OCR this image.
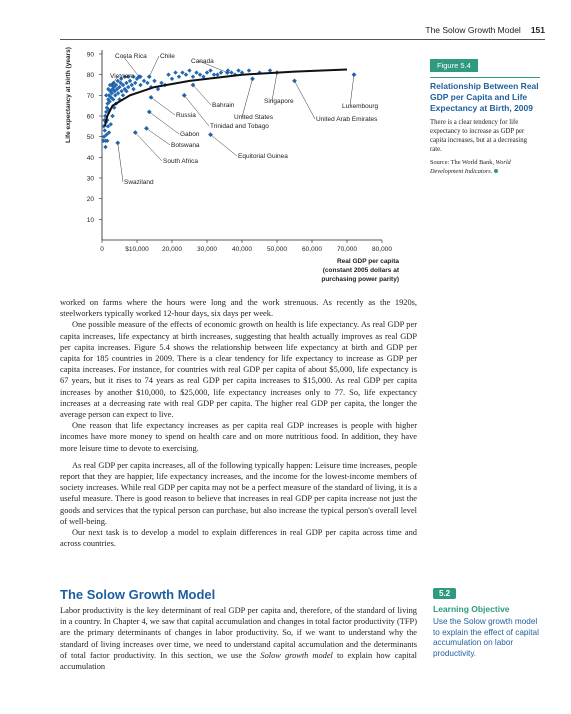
The Solow Growth Model 151
0	$10,000 20,000 30,000 40,000 50,000 60,000 70,000 80,000
10
20
30
40
50
60
70
80
90
Life expectancy at birth (years)
Real GDP per capita
(constant 2005 dollars at
purchasing power parity)
Costa Rica Chile
Canada
Vietnam
Bahrain
Singapore
Luxembourg
Russia	United States	United Arab Emirates
Trinidad and Tobago
Gabon
Botswana
Equitorial Guinea
South Africa
Swaziland
Figure 5.4
Relationship Between Real GDP per Capita and Life Expectancy at Birth, 2009
There is a clear tendency for life expectancy to increase as GDP per capita increases, but at a decreasing rate.
Source: The World Bank, World Development Indicators.

worked on farms where the hours were long and the work strenuous. As recently as the 1920s, steelworkers typically worked 12-hour days, six days per week.

One possible measure of the effects of economic growth on health is life expectancy. As real GDP per capita increases, life expectancy at birth increases, suggesting that health actually improves as real GDP per capita increases. Figure 5.4 shows the relationship between life expectancy at birth and GDP per capita for 185 countries in 2009. There is a clear tendency for life expectancy to increase as GDP per capita increases. For instance, for countries with real GDP per capita of about $5,000, life expectancy is 67 years, but it rises to 74 years as real GDP per capita increases to $15,000. As real GDP per capita increases by another $10,000, to $25,000, life expectancy increases only to 77. So, life expectancy increases at a decreasing rate with real GDP per capita. The higher real GDP per capita, the longer the average person can expect to live.

One reason that life expectancy increases as per capita real GDP increases is people with higher incomes have more money to spend on health care and on more nutritious food. In addition, they have more leisure time to devote to exercising.

As real GDP per capita increases, all of the following typically happen: Leisure time increases, people report that they are happier, life expectancy increases, and the income for the lowest-income members of society increases. While real GDP per capita may not be a perfect measure of the standard of living, it is a useful measure. There is good reason to believe that increases in real GDP per capita increase not just the goods and services that the typical person can purchase, but also increase the typical person's overall level of well-being.

Our next task is to develop a model to explain differences in real GDP per capita across time and across countries.

The Solow Growth Model

Labor productivity is the key determinant of real GDP per capita and, therefore, of the standard of living in a country. In Chapter 4, we saw that capital accumulation and changes in total factor productivity (TFP) are the primary determinants of changes in labor productivity. So, if we want to understand why the standard of living increases over time, we need to understand capital accumulation and the determinants of total factor productivity. In this section, we use the Solow growth model to explain how capital accumulation

5.2
Learning Objective
Use the Solow growth model to explain the effect of capital accumulation on labor productivity.
